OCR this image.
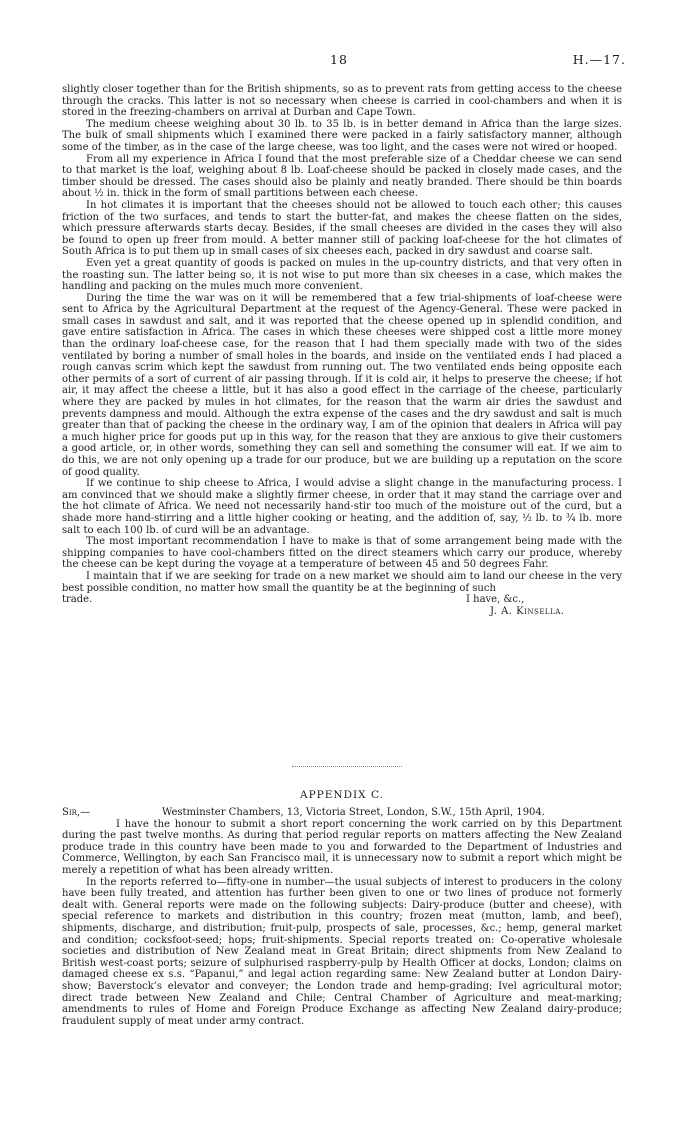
18	H.—17.

slightly closer together than for the British shipments, so as to prevent rats from getting access to the cheese through the cracks. This latter is not so necessary when cheese is carried in cool-chambers and when it is stored in the freezing-chambers on arrival at Durban and Cape Town.

The medium cheese weighing about 30 lb. to 35 lb. is in better demand in Africa than the large sizes. The bulk of small shipments which I examined there were packed in a fairly satisfactory manner, although some of the timber, as in the case of the large cheese, was too light, and the cases were not wired or hooped.

From all my experience in Africa I found that the most preferable size of a Cheddar cheese we can send to that market is the loaf, weighing about 8 lb. Loaf-cheese should be packed in closely made cases, and the timber should be dressed. The cases should also be plainly and neatly branded. There should be thin boards about ½ in. thick in the form of small partitions between each cheese.

In hot climates it is important that the cheeses should not be allowed to touch each other; this causes friction of the two surfaces, and tends to start the butter-fat, and makes the cheese flatten on the sides, which pressure afterwards starts decay. Besides, if the small cheeses are divided in the cases they will also be found to open up freer from mould. A better manner still of packing loaf-cheese for the hot climates of South Africa is to put them up in small cases of six cheeses each, packed in dry sawdust and coarse salt.

Even yet a great quantity of goods is packed on mules in the up-country districts, and that very often in the roasting sun. The latter being so, it is not wise to put more than six cheeses in a case, which makes the handling and packing on the mules much more convenient.

During the time the war was on it will be remembered that a few trial-shipments of loaf-cheese were sent to Africa by the Agricultural Department at the request of the Agency-General. These were packed in small cases in sawdust and salt, and it was reported that the cheese opened up in splendid condition, and gave entire satisfaction in Africa. The cases in which these cheeses were shipped cost a little more money than the ordinary loaf-cheese case, for the reason that I had them specially made with two of the sides ventilated by boring a number of small holes in the boards, and inside on the ventilated ends I had placed a rough canvas scrim which kept the sawdust from running out. The two ventilated ends being opposite each other permits of a sort of current of air passing through. If it is cold air, it helps to preserve the cheese; if hot air, it may affect the cheese a little, but it has also a good effect in the carriage of the cheese, particularly where they are packed by mules in hot climates, for the reason that the warm air dries the sawdust and prevents dampness and mould. Although the extra expense of the cases and the dry sawdust and salt is much greater than that of packing the cheese in the ordinary way, I am of the opinion that dealers in Africa will pay a much higher price for goods put up in this way, for the reason that they are anxious to give their customers a good article, or, in other words, something they can sell and something the consumer will eat. If we aim to do this, we are not only opening up a trade for our produce, but we are building up a reputation on the score of good quality.

If we continue to ship cheese to Africa, I would advise a slight change in the manufacturing process. I am convinced that we should make a slightly firmer cheese, in order that it may stand the carriage over and the hot climate of Africa. We need not necessarily hand-stir too much of the moisture out of the curd, but a shade more hand-stirring and a little higher cooking or heating, and the addition of, say, ½ lb. to ¾ lb. more salt to each 100 lb. of curd will be an advantage.

The most important recommendation I have to make is that of some arrangement being made with the shipping companies to have cool-chambers fitted on the direct steamers which carry our produce, whereby the cheese can be kept during the voyage at a temperature of between 45 and 50 degrees Fahr.

I maintain that if we are seeking for trade on a new market we should aim to land our cheese in the very best possible condition, no matter how small the quantity be at the beginning of such

trade.	I have, &c.,
J. A. Kinsella.
APPENDIX C.
Sir,—	Westminster Chambers, 13, Victoria Street, London, S.W., 15th April, 1904.

I have the honour to submit a short report concerning the work carried on by this Department during the past twelve months. As during that period regular reports on matters affecting the New Zealand produce trade in this country have been made to you and forwarded to the Department of Industries and Commerce, Wellington, by each San Francisco mail, it is unnecessary now to submit a report which might be merely a repetition of what has been already written.

In the reports referred to—fifty-one in number—the usual subjects of interest to producers in the colony have been fully treated, and attention has further been given to one or two lines of produce not formerly dealt with. General reports were made on the following subjects: Dairy-produce (butter and cheese), with special reference to markets and distribution in this country; frozen meat (mutton, lamb, and beef), shipments, discharge, and distribution; fruit-pulp, prospects of sale, processes, &c.; hemp, general market and condition; cocksfoot-seed; hops; fruit-shipments. Special reports treated on: Co-operative wholesale societies and distribution of New Zealand meat in Great Britain; direct shipments from New Zealand to British west-coast ports; seizure of sulphurised raspberry-pulp by Health Officer at docks, London; claims on damaged cheese ex s.s. “Papanui,” and legal action regarding same: New Zealand butter at London Dairy-show; Baverstock’s elevator and conveyer; the London trade and hemp-grading; Ivel agricultural motor; direct trade between New Zealand and Chile; Central Chamber of Agriculture and meat-marking; amendments to rules of Home and Foreign Produce Exchange as affecting New Zealand dairy-produce; fraudulent supply of meat under army contract.
